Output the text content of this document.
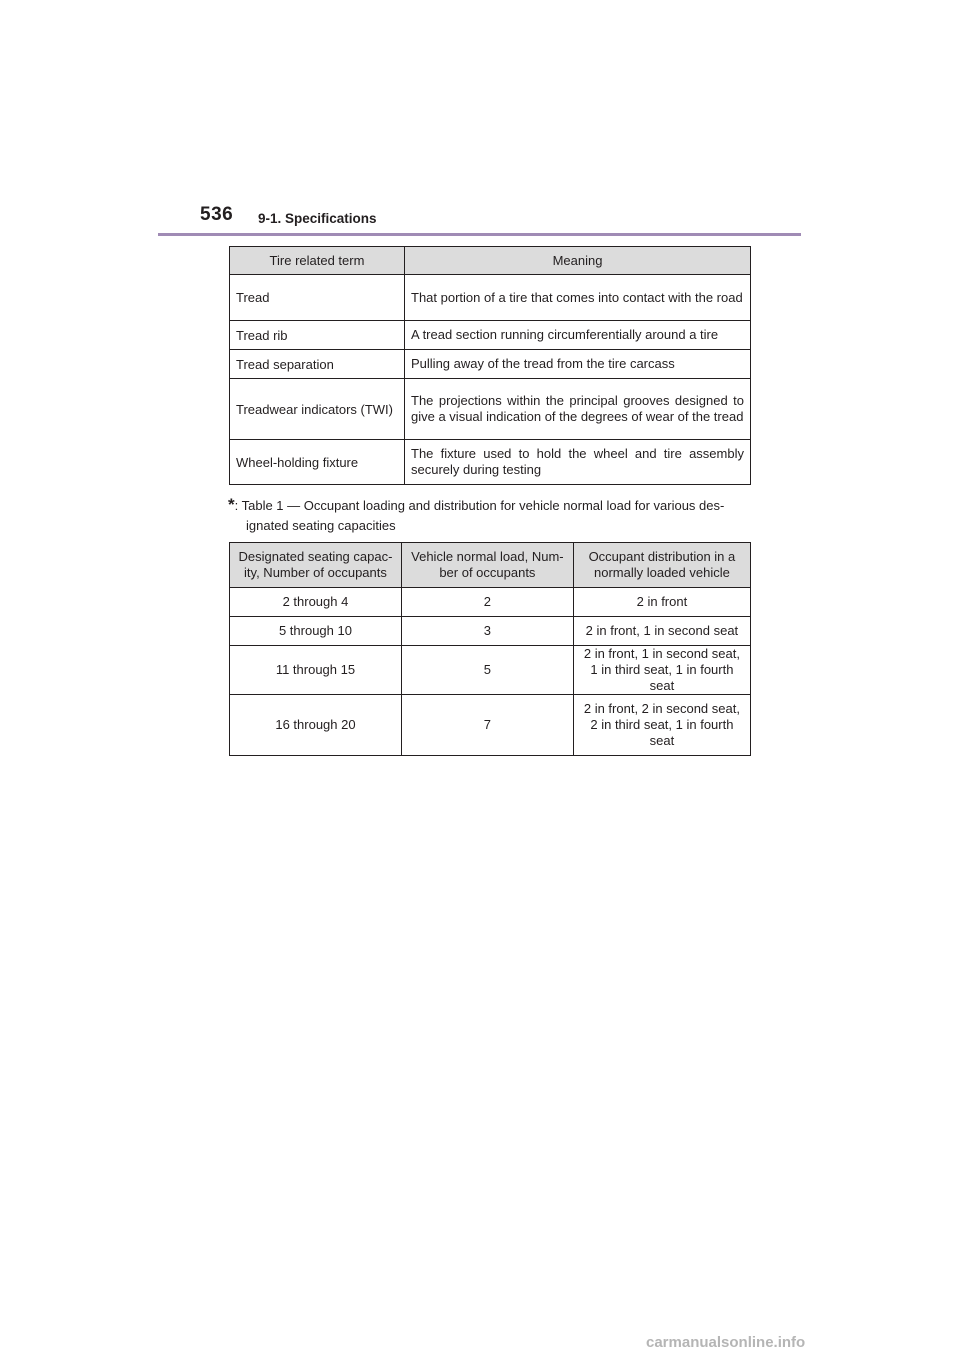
536 9-1. Specifications
Tire related term	Meaning
Tread	That portion of a tire that comes into contact with the road
Tread rib	A tread section running circumferentially around a tire
Tread separation	Pulling away of the tread from the tire carcass
Treadwear indicators (TWI)	The projections within the principal grooves designed to give a visual indication of the degrees of wear of the tread
Wheel-holding fixture	The fixture used to hold the wheel and tire assembly securely during testing
*: Table 1 — Occupant loading and distribution for vehicle normal load for various des-
ignated seating capacities
Designated seating capac-ity, Number of occupants	Vehicle normal load, Num-ber of occupants	Occupant distribution in a normally loaded vehicle
2 through 4	2	2 in front
5 through 10	3	2 in front, 1 in second seat
11 through 15	5	2 in front, 1 in second seat, 1 in third seat, 1 in fourth seat
16 through 20	7	2 in front, 2 in second seat, 2 in third seat, 1 in fourth seat
carmanualsonline.info
